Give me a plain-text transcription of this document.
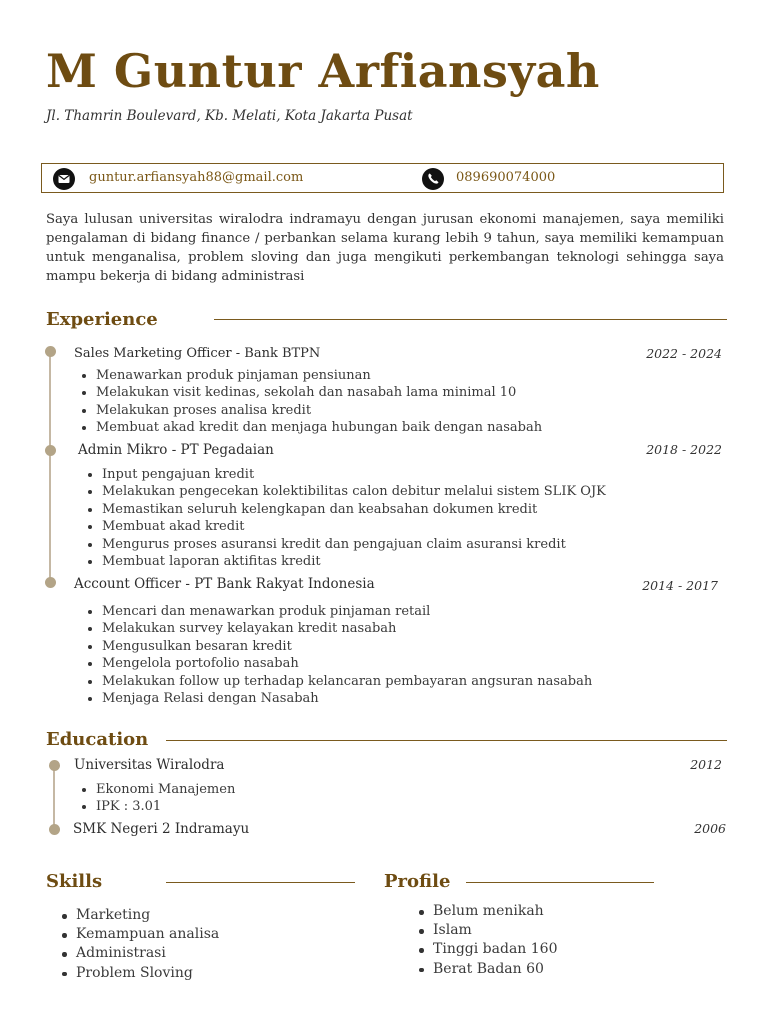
M Guntur Arfiansyah
Jl. Thamrin Boulevard, Kb. Melati, Kota Jakarta Pusat
guntur.arfiansyah88@gmail.com	089690074000

Saya lulusan universitas wiralodra indramayu dengan jurusan ekonomi manajemen, saya memiliki pengalaman di bidang finance / perbankan selama kurang lebih 9 tahun, saya memiliki kemampuan untuk menganalisa, problem sloving dan juga mengikuti perkembangan teknologi sehingga saya mampu bekerja di bidang administrasi

Experience
Sales Marketing Officer - Bank BTPN	2022 - 2024
Menawarkan produk pinjaman pensiunan
Melakukan visit kedinas, sekolah dan nasabah lama minimal 10
Melakukan proses analisa kredit
Membuat akad kredit dan menjaga hubungan baik dengan nasabah
Admin Mikro - PT Pegadaian	2018 - 2022
Input pengajuan kredit
Melakukan pengecekan kolektibilitas calon debitur melalui sistem SLIK OJK
Memastikan seluruh kelengkapan dan keabsahan dokumen kredit
Membuat akad kredit
Mengurus proses asuransi kredit dan pengajuan claim asuransi kredit
Membuat laporan aktifitas kredit
Account Officer - PT Bank Rakyat Indonesia	2014 - 2017
Mencari dan menawarkan produk pinjaman retail
Melakukan survey kelayakan kredit nasabah
Mengusulkan besaran kredit
Mengelola portofolio nasabah
Melakukan follow up terhadap kelancaran pembayaran angsuran nasabah
Menjaga Relasi dengan Nasabah
Education
Universitas Wiralodra	2012
Ekonomi Manajemen
IPK : 3.01
SMK Negeri 2 Indramayu	2006
Skills
Marketing
Kemampuan analisa
Administrasi
Problem Sloving
Profile
Belum menikah
Islam
Tinggi badan 160
Berat Badan 60
